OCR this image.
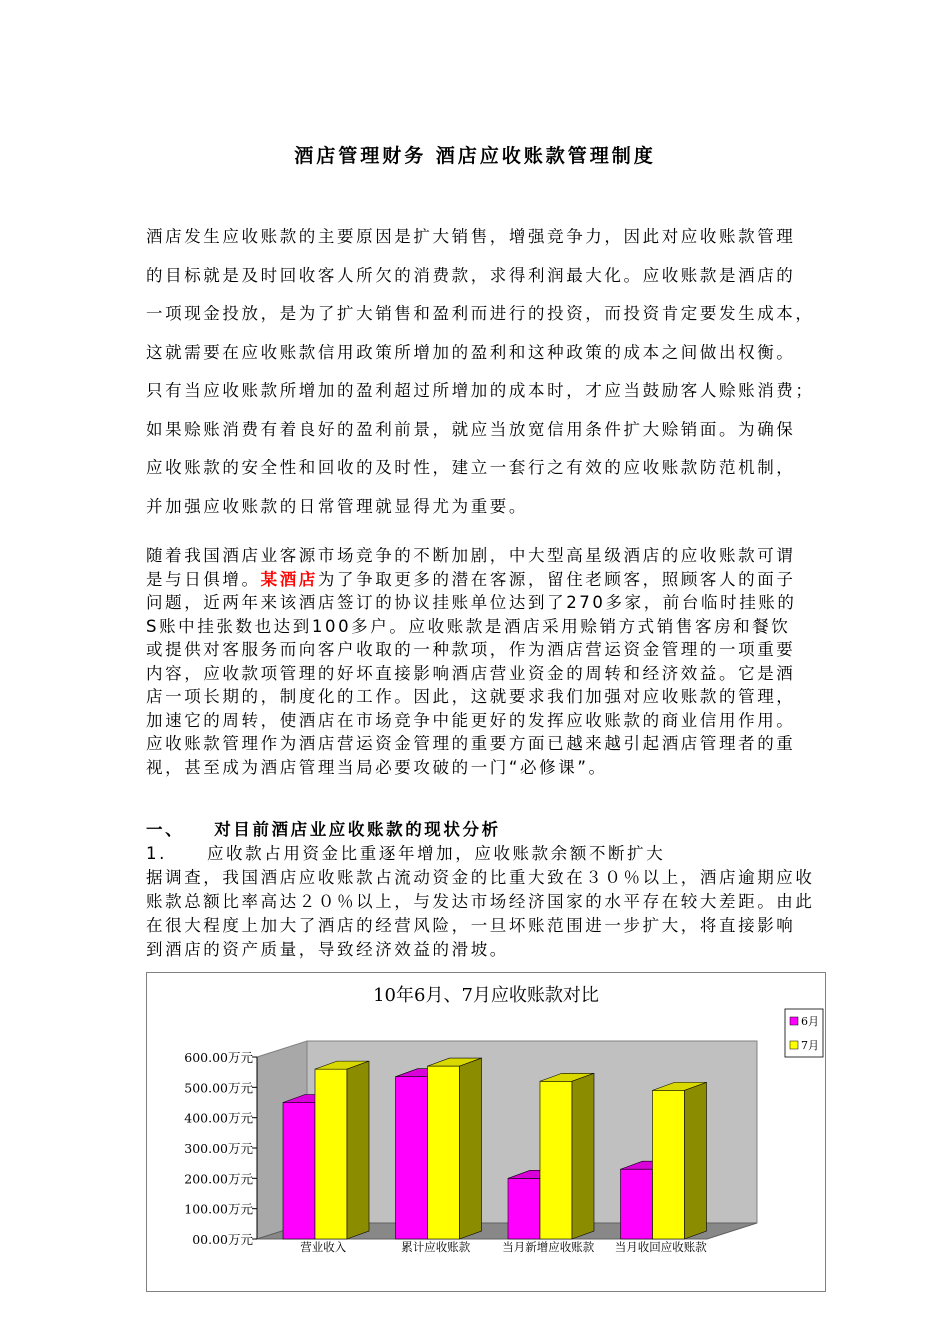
酒店管理财务 酒店应收账款管理制度
酒店发生应收账款的主要原因是扩大销售，增强竞争力，因此对应收账款管理
的目标就是及时回收客人所欠的消费款，求得利润最大化。应收账款是酒店的
一项现金投放，是为了扩大销售和盈利而进行的投资，而投资肯定要发生成本，
这就需要在应收账款信用政策所增加的盈利和这种政策的成本之间做出权衡。
只有当应收账款所增加的盈利超过所增加的成本时，才应当鼓励客人赊账消费；
如果赊账消费有着良好的盈利前景，就应当放宽信用条件扩大赊销面。为确保
应收账款的安全性和回收的及时性，建立一套行之有效的应收账款防范机制，
并加强应收账款的日常管理就显得尤为重要。
随着我国酒店业客源市场竞争的不断加剧，中大型高星级酒店的应收账款可谓
是与日俱增。某酒店为了争取更多的潜在客源，留住老顾客，照顾客人的面子
问题，近两年来该酒店签订的协议挂账单位达到了270多家，前台临时挂账的
S账中挂张数也达到100多户。应收账款是酒店采用赊销方式销售客房和餐饮
或提供对客服务而向客户收取的一种款项，作为酒店营运资金管理的一项重要
内容，应收款项管理的好坏直接影响酒店营业资金的周转和经济效益。它是酒
店一项长期的，制度化的工作。因此，这就要求我们加强对应收账款的管理，
加速它的周转，使酒店在市场竞争中能更好的发挥应收账款的商业信用作用。
应收账款管理作为酒店营运资金管理的重要方面已越来越引起酒店管理者的重
视，甚至成为酒店管理当局必要攻破的一门“必修课”。
一、 对目前酒店业应收账款的现状分析
1. 应收款占用资金比重逐年增加，应收账款余额不断扩大
据调查，我国酒店应收账款占流动资金的比重大致在３０％以上，酒店逾期应收
账款总额比率高达２０％以上，与发达市场经济国家的水平存在较大差距。由此
在很大程度上加大了酒店的经营风险，一旦坏账范围进一步扩大，将直接影响
到酒店的资产质量，导致经济效益的滑坡。
10年6月、7月应收账款对比
00.00万元
100.00万元
200.00万元
300.00万元
400.00万元
500.00万元
600.00万元
营业收入	累计应收账款	当月新增应收账款 当月收回应收账款
6月
7月
